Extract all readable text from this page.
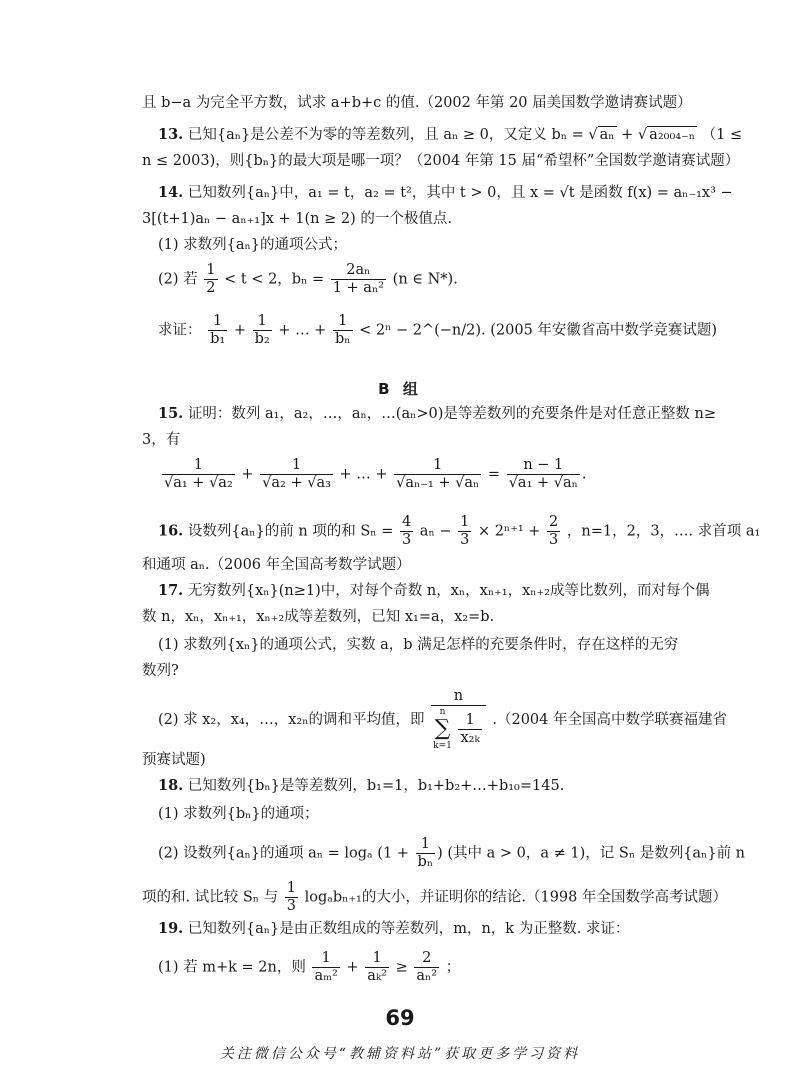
且 b−a 为完全平方数，试求 a+b+c 的值.（2002 年第 20 届美国数学邀请赛试题）
13. 已知{aₙ}是公差不为零的等差数列，且 aₙ ≥ 0，又定义 bₙ = √ aₙ + √ a₂₀₀₄₋ₙ （1 ≤
n ≤ 2003)，则{bₙ}的最大项是哪一项？（2004 年第 15 届“希望杯”全国数学邀请赛试题）
14. 已知数列{aₙ}中，a₁ = t，a₂ = t²，其中 t > 0，且 x = √t 是函数 f(x) = aₙ₋₁x³ −
3[(t+1)aₙ − aₙ₊₁]x + 1(n ≥ 2) 的一个极值点.
(1) 求数列{aₙ}的通项公式；
(2) 若 $\frac{1}{2} < t < 2$，$b_n = \frac{\text{2aₙ}}{\text{1 + aₙ²}} (n$ ∈ N*).
求证： $\frac{1}{\text{b₁}} + \frac{1}{\text{b₂}}$ + … + $\frac{1}{\text{bₙ}} < 2^n$ − 2^(−n/2). (2005 年安徽省高中数学竞赛试题)
B 组
15. 证明：数列 a₁，a₂，…，aₙ，…(aₙ>0)是等差数列的充要条件是对任意正整数 n≥
3，有
$\frac{1}{\text{√a₁ + √a₂}} + \frac{1}{\text{√a₂ + √a₃}}$ + … + $\frac{1}{\text{√aₙ₋₁ + √aₙ}} = \frac{n - 1}{\text{√a₁ + √aₙ}}$ .
16. 设数列{aₙ}的前 n 项的和 $S_n = \frac{4}{3}$ $a_n - \frac{1}{3} \times 2^{n+1} + \frac{2}{3}$ ，n=1，2，3，…. 求首项 a₁
和通项 aₙ.（2006 年全国高考数学试题）
17. 无穷数列{xₙ}(n≥1)中，对每个奇数 n，xₙ，xₙ₊₁，xₙ₊₂成等比数列，而对每个偶
数 n，xₙ，xₙ₊₁，xₙ₊₂成等差数列，已知 x₁=a，x₂=b.
(1) 求数列{xₙ}的通项公式，实数 a，b 满足怎样的充要条件时，存在这样的无穷
数列?
(2) 求 x₂，x₄，…，x₂ₙ的调和平均值，即 n
n
∑
k=1
$\frac{1}{\text{x₂ₖ}} .(2004$ 年全国高中数学联赛福建省
预赛试题)
18. 已知数列{bₙ}是等差数列，b₁=1，b₁+b₂+…+b₁₀=145.
(1) 求数列{bₙ}的通项；
(2) 设数列{aₙ}的通项 aₙ = logₐ ($1 + \frac{1}{\text{bₙ}}$ ) (其中 a > 0，a ≠ 1)，记 Sₙ 是数列{aₙ}前 n
项的和. 试比较 Sₙ 与 $\frac{1}{3} \log_ab_{n+1}$的大小，并证明你的结论.（1998 年全国数学高考试题）
19. 已知数列{aₙ}是由正数组成的等差数列，m，n，k 为正整数. 求证：
(1) 若 m+k = 2n，则 $\frac{1}{\text{aₘ²}} + \frac{1}{\text{aₖ²}} \ge \frac{2}{\text{aₙ²}}$ ；
69
关注微信公众号“教辅资料站”获取更多学习资料
